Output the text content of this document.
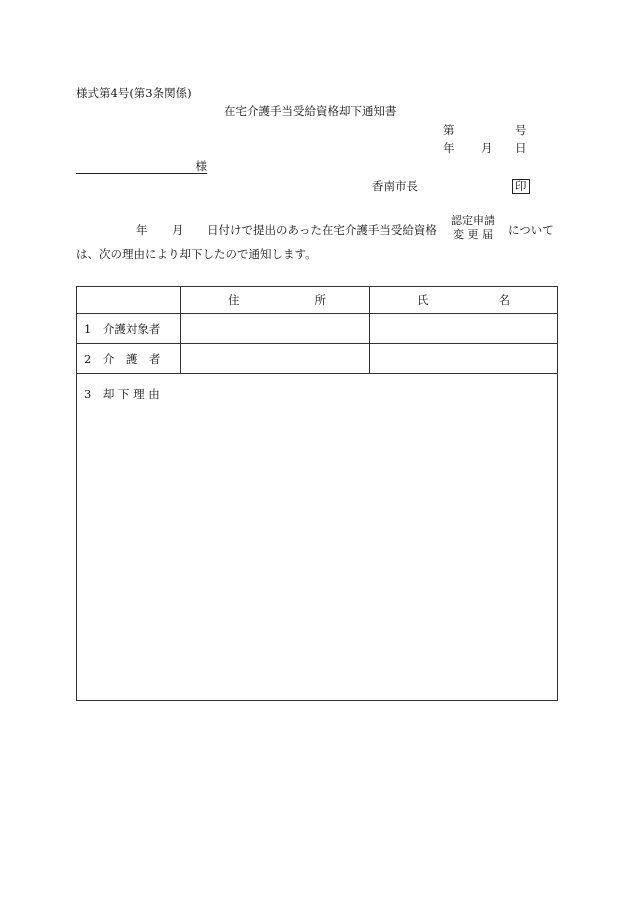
様式第4号(第3条関係)
在宅介護手当受給資格却下通知書
第	号
年 月 日
様
香南市長	印
年 月 日付けで提出のあった在宅介護手当受給資格
認定申請
変 更 届 について
は、次の理由により却下したので通知します。

	住 所	氏 名

1　介護対象者		
2　介　護　者		
3　却 下 理 由		
